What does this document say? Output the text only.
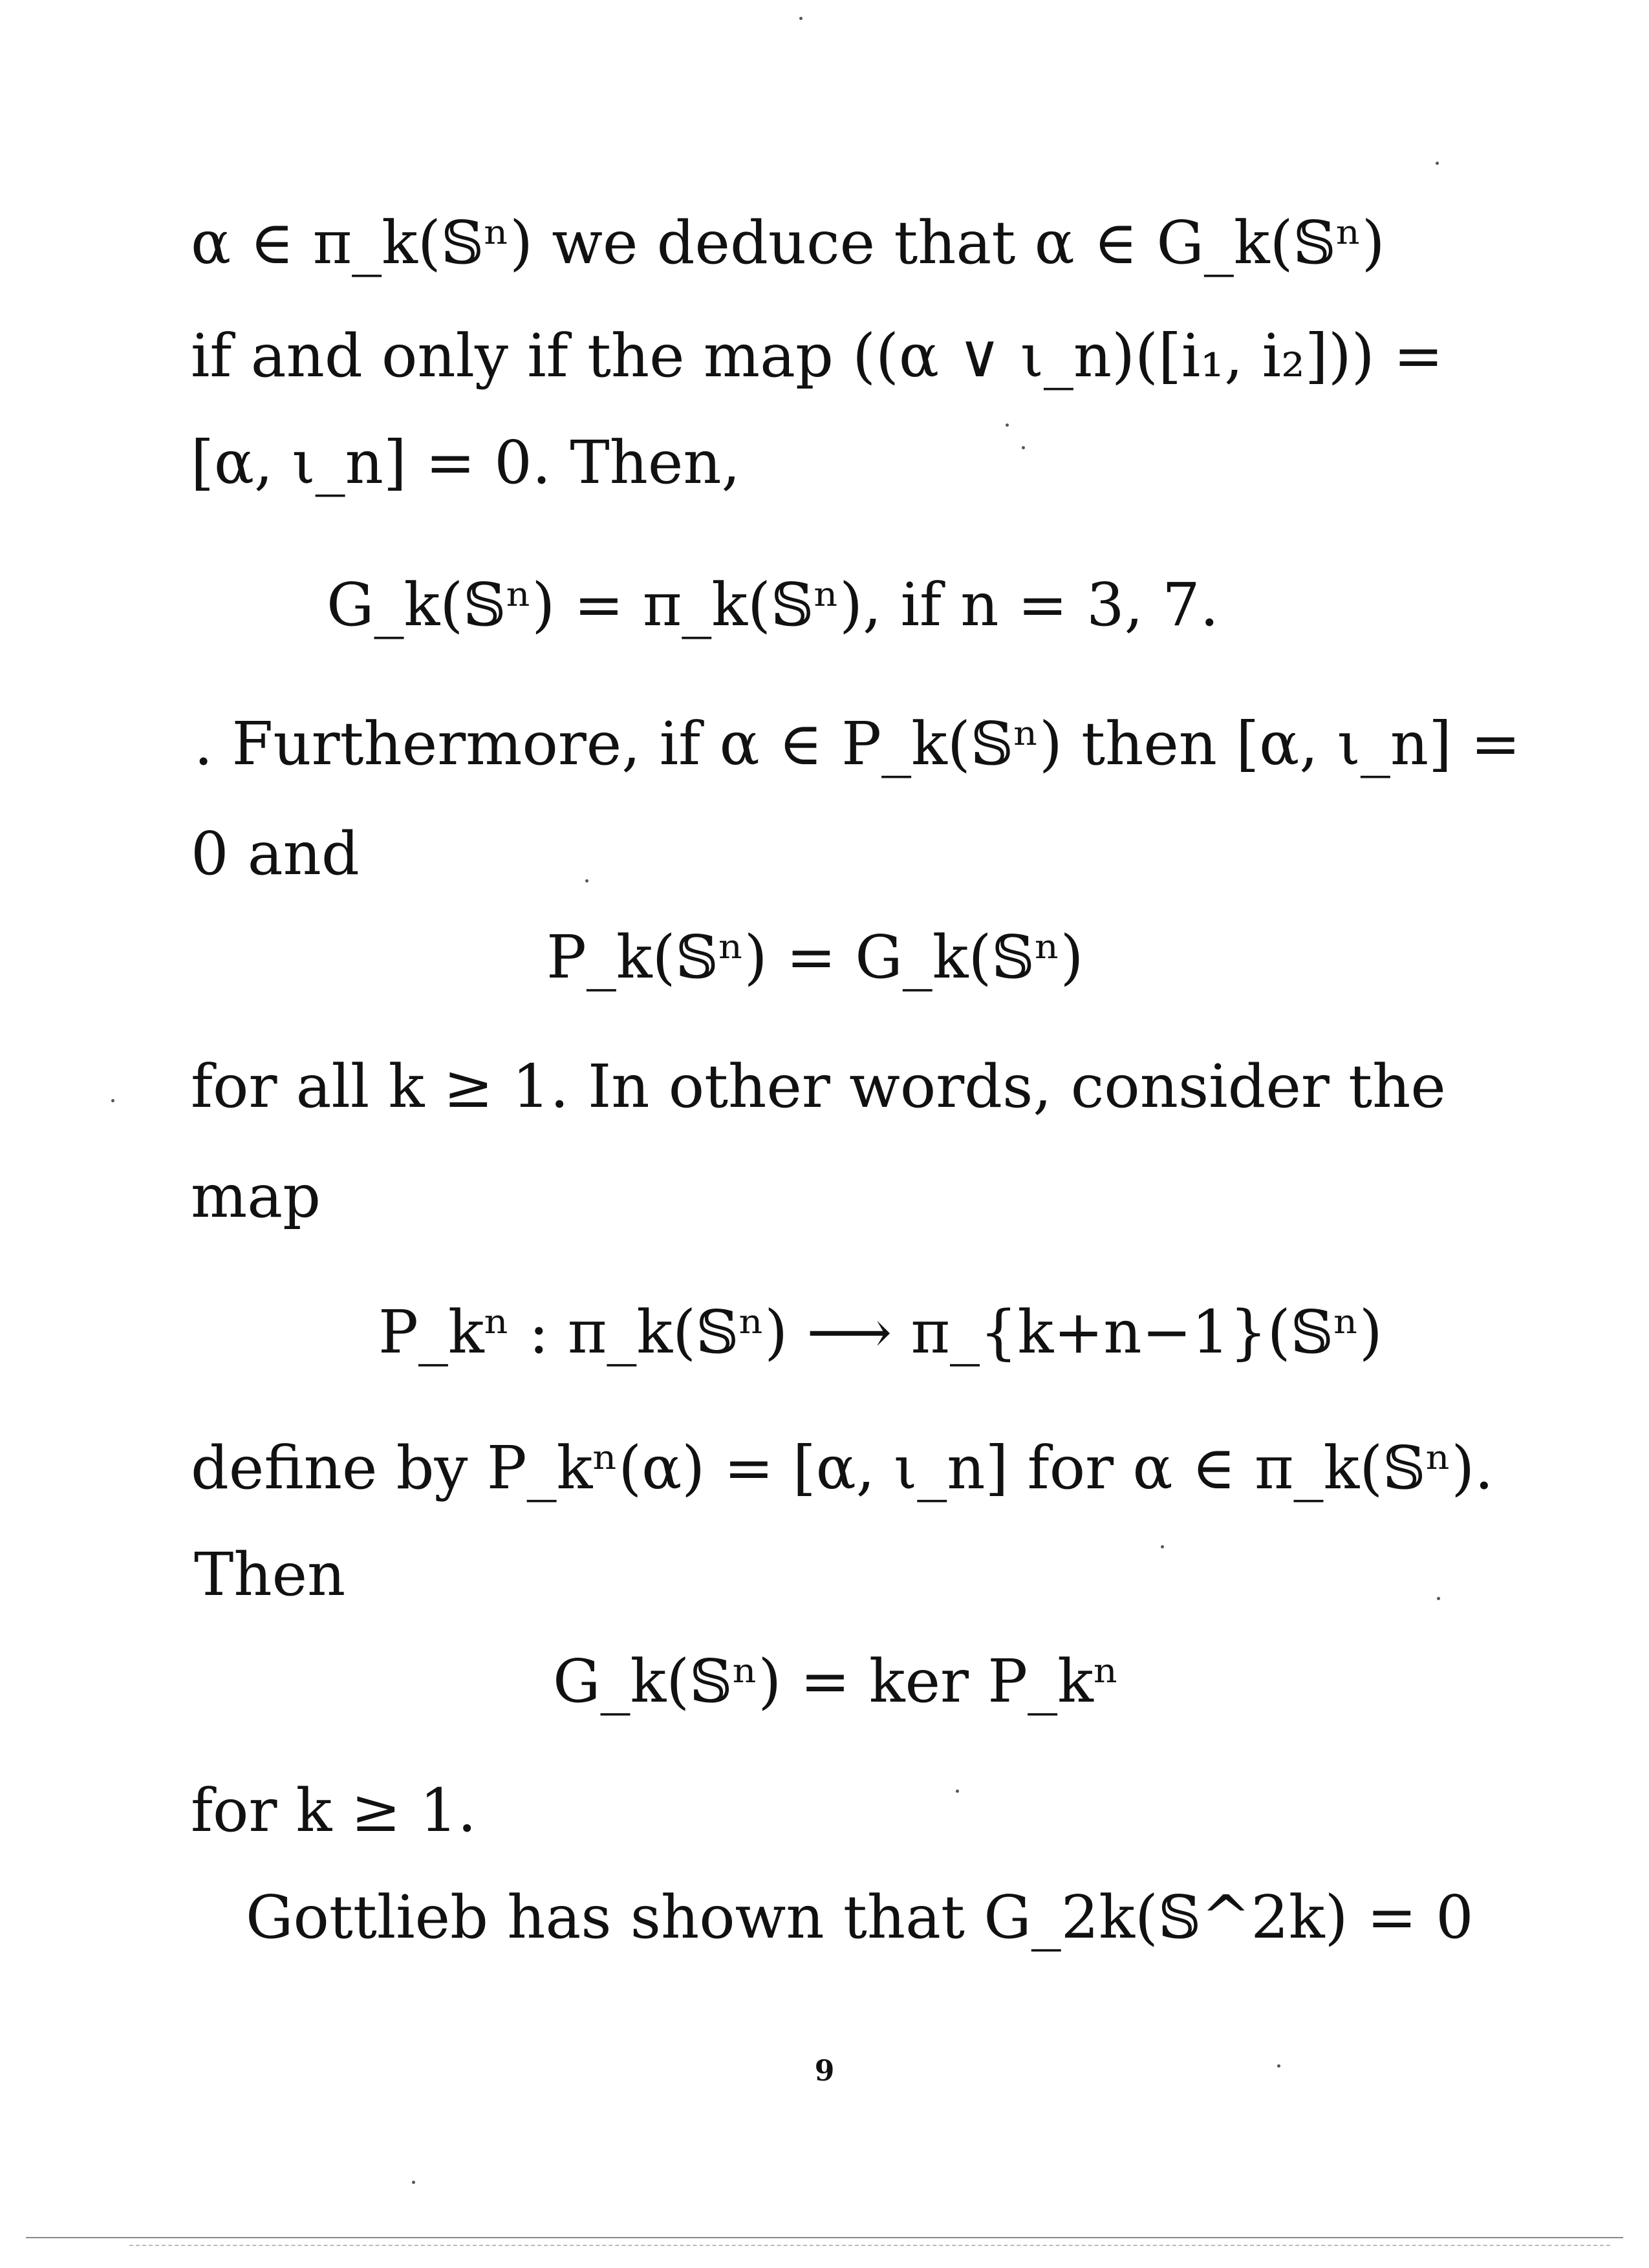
α ∈ π_k(𝕊ⁿ) we deduce that α ∈ G_k(𝕊ⁿ)
if and only if the map ((α ∨ ι_n)([i₁, i₂])) =
[α, ι_n] = 0. Then,
G_k(𝕊ⁿ) = π_k(𝕊ⁿ), if n = 3, 7.
. Furthermore, if α ∈ P_k(𝕊ⁿ) then [α, ι_n] =
0 and
P_k(𝕊ⁿ) = G_k(𝕊ⁿ)
for all k ≥ 1. In other words, consider the
map
P_kⁿ : π_k(𝕊ⁿ) ⟶ π_{k+n−1}(𝕊ⁿ)
define by P_kⁿ(α) = [α, ι_n] for α ∈ π_k(𝕊ⁿ).
Then
G_k(𝕊ⁿ) = ker P_kⁿ
for k ≥ 1.
Gottlieb has shown that G_2k(𝕊^2k) = 0
9
